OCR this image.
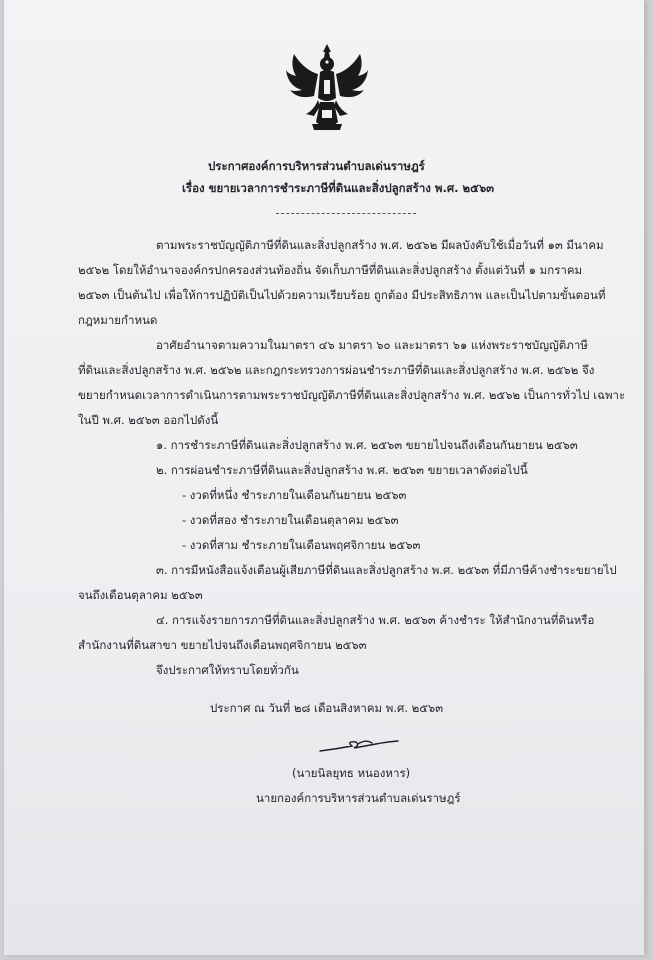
ประกาศองค์การบริหารส่วนตำบลเด่นราษฎร์
เรื่อง ขยายเวลาการชำระภาษีที่ดินและสิ่งปลูกสร้าง พ.ศ. ๒๕๖๓
ตามพระราชบัญญัติภาษีที่ดินและสิ่งปลูกสร้าง พ.ศ. ๒๕๖๒ มีผลบังคับใช้เมื่อวันที่ ๑๓ มีนาคม
๒๕๖๒ โดยให้อำนาจองค์กรปกครองส่วนท้องถิ่น จัดเก็บภาษีที่ดินและสิ่งปลูกสร้าง ตั้งแต่วันที่ ๑ มกราคม
๒๕๖๓ เป็นต้นไป เพื่อให้การปฏิบัติเป็นไปด้วยความเรียบร้อย ถูกต้อง มีประสิทธิภาพ และเป็นไปตามขั้นตอนที่
กฎหมายกำหนด
อาศัยอำนาจตามความในมาตรา ๔๖ มาตรา ๖๐ และมาตรา ๖๑ แห่งพระราชบัญญัติภาษี
ที่ดินและสิ่งปลูกสร้าง พ.ศ. ๒๕๖๒ และกฎกระทรวงการผ่อนชำระภาษีที่ดินและสิ่งปลูกสร้าง พ.ศ. ๒๕๖๒ จึง
ขยายกำหนดเวลาการดำเนินการตามพระราชบัญญัติภาษีที่ดินและสิ่งปลูกสร้าง พ.ศ. ๒๕๖๒ เป็นการทั่วไป เฉพาะ
ในปี พ.ศ. ๒๕๖๓ ออกไปดังนี้
๑. การชำระภาษีที่ดินและสิ่งปลูกสร้าง พ.ศ. ๒๕๖๓ ขยายไปจนถึงเดือนกันยายน ๒๕๖๓
๒. การผ่อนชำระภาษีที่ดินและสิ่งปลูกสร้าง พ.ศ. ๒๕๖๓ ขยายเวลาดังต่อไปนี้
- งวดที่หนึ่ง ชำระภายในเดือนกันยายน ๒๕๖๓
- งวดที่สอง ชำระภายในเดือนตุลาคม ๒๕๖๓
- งวดที่สาม ชำระภายในเดือนพฤศจิกายน ๒๕๖๓
๓. การมีหนังสือแจ้งเตือนผู้เสียภาษีที่ดินและสิ่งปลูกสร้าง พ.ศ. ๒๕๖๓ ที่มีภาษีค้างชำระขยายไป
จนถึงเดือนตุลาคม ๒๕๖๓
๔. การแจ้งรายการภาษีที่ดินและสิ่งปลูกสร้าง พ.ศ. ๒๕๖๓ ค้างชำระ ให้สำนักงานที่ดินหรือ
สำนักงานที่ดินสาขา ขยายไปจนถึงเดือนพฤศจิกายน ๒๕๖๓
จึงประกาศให้ทราบโดยทั่วกัน
ประกาศ ณ วันที่ ๒๘ เดือนสิงหาคม พ.ศ. ๒๕๖๓
(นายนิลยุทธ หนองหาร)
นายกองค์การบริหารส่วนตำบลเด่นราษฎร์
